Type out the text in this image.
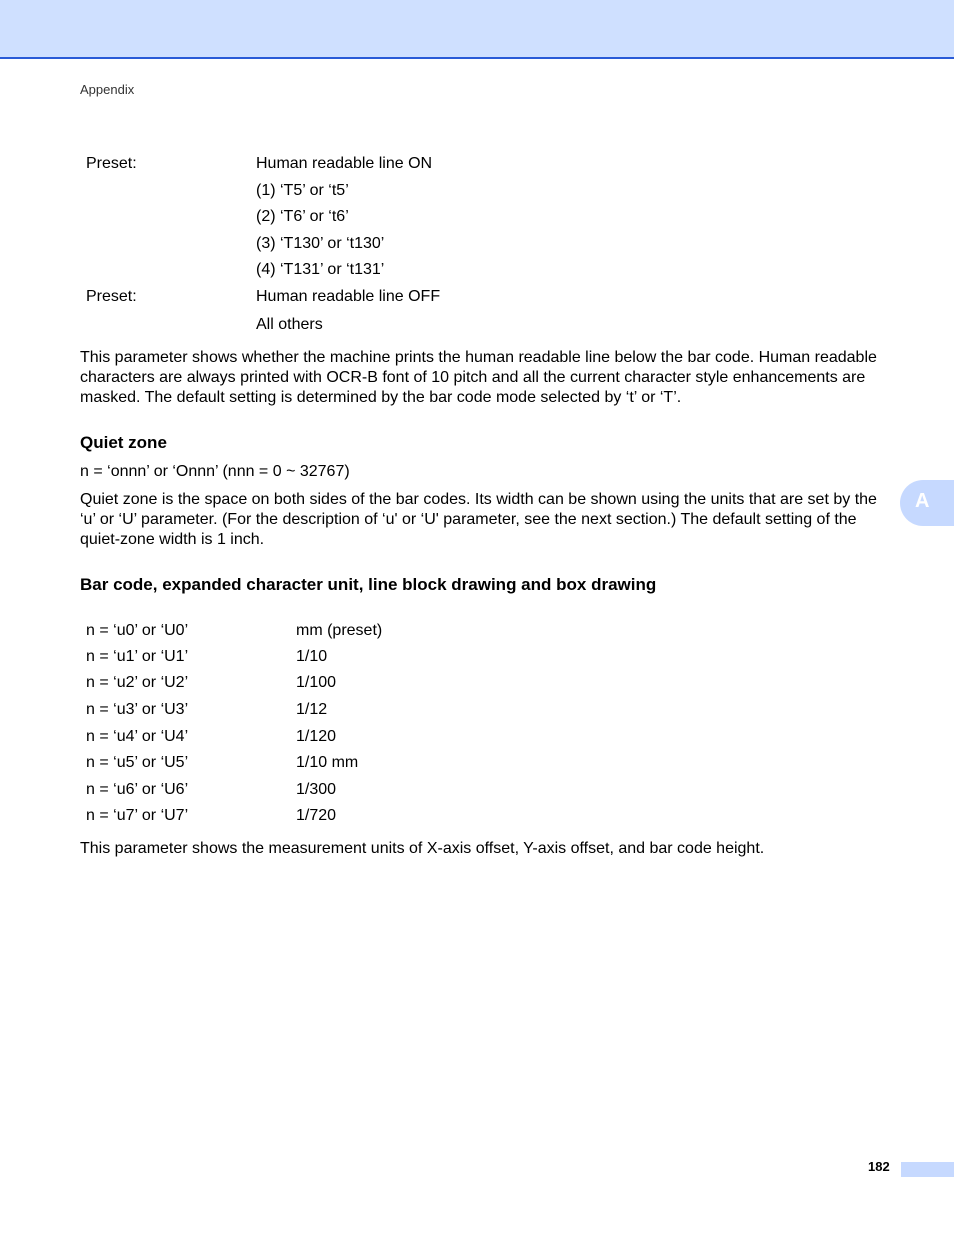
Appendix
Preset:	Human readable line ON
(1) ‘T5’ or ‘t5’
(2) ‘T6’ or ‘t6’
(3) ‘T130’ or ‘t130’
(4) ‘T131’ or ‘t131’
Preset:	Human readable line OFF
All others
This parameter shows whether the machine prints the human readable line below the bar code. Human readable characters are always printed with OCR-B font of 10 pitch and all the current character style enhancements are masked. The default setting is determined by the bar code mode selected by ‘t’ or ‘T’.
Quiet zone
n = ‘onnn’ or ‘Onnn’ (nnn = 0 ~ 32767)
Quiet zone is the space on both sides of the bar codes. Its width can be shown using the units that are set by the ‘u’ or ‘U’ parameter. (For the description of ‘u' or ‘U' parameter, see the next section.) The default setting of the quiet-zone width is 1 inch.
Bar code, expanded character unit, line block drawing and box drawing
n = ‘u0’ or ‘U0’	mm (preset)
n = ‘u1’ or ‘U1’	1/10
n = ‘u2’ or ‘U2’	1/100
n = ‘u3’ or ‘U3’	1/12
n = ‘u4’ or ‘U4’	1/120
n = ‘u5’ or ‘U5’	1/10 mm
n = ‘u6’ or ‘U6’	1/300
n = ‘u7’ or ‘U7’	1/720
This parameter shows the measurement units of X-axis offset, Y-axis offset, and bar code height.
A
182
